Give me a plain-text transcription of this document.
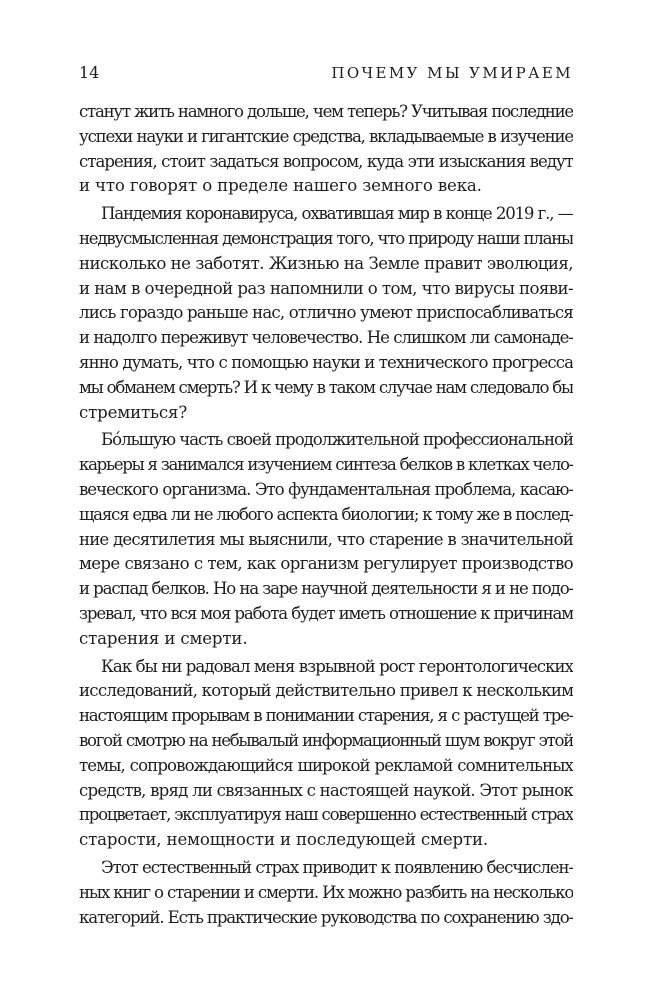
14	ПОЧЕМУ МЫ УМИРАЕМ
станут жить намного дольше, чем теперь? Учитывая последние
успехи науки и гигантские средства, вкладываемые в изучение
старения, стоит задаться вопросом, куда эти изыскания ведут
и что говорят о пределе нашего земного века.
Пандемия коронавируса, охватившая мир в конце 2019 г., —
недвусмысленная демонстрация того, что природу наши планы
нисколько не заботят. Жизнью на Земле правит эволюция,
и нам в очередной раз напомнили о том, что вирусы появи-
лись гораздо раньше нас, отлично умеют приспосабливаться
и надолго переживут человечество. Не слишком ли самонаде-
янно думать, что с помощью науки и технического прогресса
мы обманем смерть? И к чему в таком случае нам следовало бы
стремиться?
Бóльшую часть своей продолжительной профессиональной
карьеры я занимался изучением синтеза белков в клетках чело-
веческого организма. Это фундаментальная проблема, касаю-
щаяся едва ли не любого аспекта биологии; к тому же в послед-
ние десятилетия мы выяснили, что старение в значительной
мере связано с тем, как организм регулирует производство
и распад белков. Но на заре научной деятельности я и не подо-
зревал, что вся моя работа будет иметь отношение к причинам
старения и смерти.
Как бы ни радовал меня взрывной рост геронтологических
исследований, который действительно привел к нескольким
настоящим прорывам в понимании старения, я с растущей тре-
вогой смотрю на небывалый информационный шум вокруг этой
темы, сопровождающийся широкой рекламой сомнительных
средств, вряд ли связанных с настоящей наукой. Этот рынок
процветает, эксплуатируя наш совершенно естественный страх
старости, немощности и последующей смерти.
Этот естественный страх приводит к появлению бесчислен-
ных книг о старении и смерти. Их можно разбить на несколько
категорий. Есть практические руководства по сохранению здо-
